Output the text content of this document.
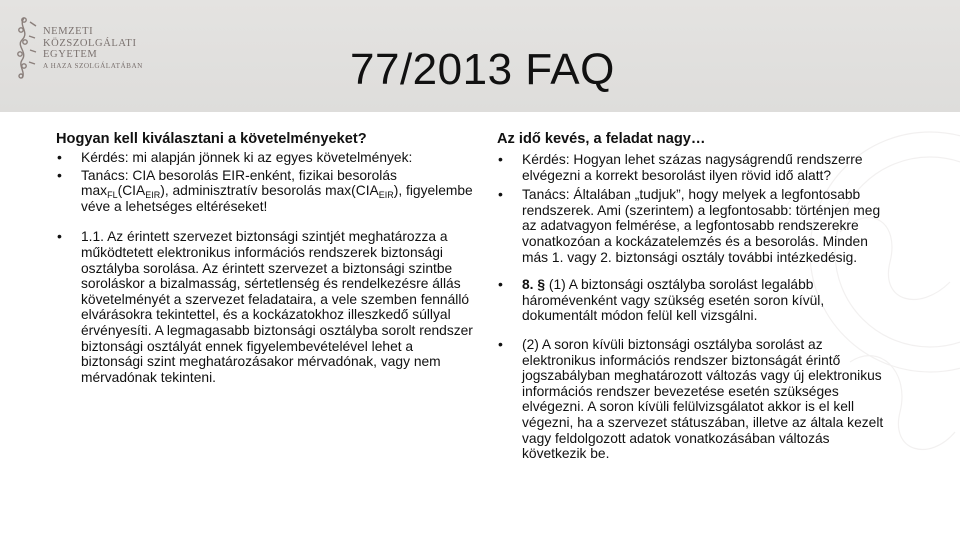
NEMZETI
KÖZSZOLGÁLATI
EGYETEM
A HAZA SZOLGÁLATÁBAN	77/2013 FAQ
Hogyan kell kiválasztani a követelményeket?
• Kérdés: mi alapján jönnek ki az egyes követelmények:
• Tanács: CIA besorolás EIR-enként, fizikai besorolás $\max_{FL}(CIA_{EIR})$, adminisztratív besorolás $\max(CIA_{EIR})$, figyelembe véve a lehetséges eltéréseket!
• 1.1. Az érintett szervezet biztonsági szintjét meghatározza a működtetett elektronikus információs rendszerek biztonsági osztályba sorolása. Az érintett szervezet a biztonsági szintbe soroláskor a bizalmasság, sértetlenség és rendelkezésre állás követelményét a szervezet feladataira, a vele szemben fennálló elvárásokra tekintettel, és a kockázatokhoz illeszkedő súllyal érvényesíti. A legmagasabb biztonsági osztályba sorolt rendszer biztonsági osztályát ennek figyelembevételével lehet a biztonsági szint meghatározásakor mérvadónak, vagy nem mérvadónak tekinteni.
Az idő kevés, a feladat nagy…
• Kérdés: Hogyan lehet százas nagyságrendű rendszerre elvégezni a korrekt besorolást ilyen rövid idő alatt?
• Tanács: Általában „tudjuk”, hogy melyek a legfontosabb rendszerek. Ami (szerintem) a legfontosabb: történjen meg az adatvagyon felmérése, a legfontosabb rendszerekre vonatkozóan a kockázatelemzés és a besorolás. Minden más 1. vagy 2. biztonsági osztály további intézkedésig.
• 8. § (1) A biztonsági osztályba sorolást legalább háromévenként vagy szükség esetén soron kívül, dokumentált módon felül kell vizsgálni.
• (2) A soron kívüli biztonsági osztályba sorolást az elektronikus információs rendszer biztonságát érintő jogszabályban meghatározott változás vagy új elektronikus információs rendszer bevezetése esetén szükséges elvégezni. A soron kívüli felülvizsgálatot akkor is el kell végezni, ha a szervezet státuszában, illetve az általa kezelt vagy feldolgozott adatok vonatkozásában változás következik be.
